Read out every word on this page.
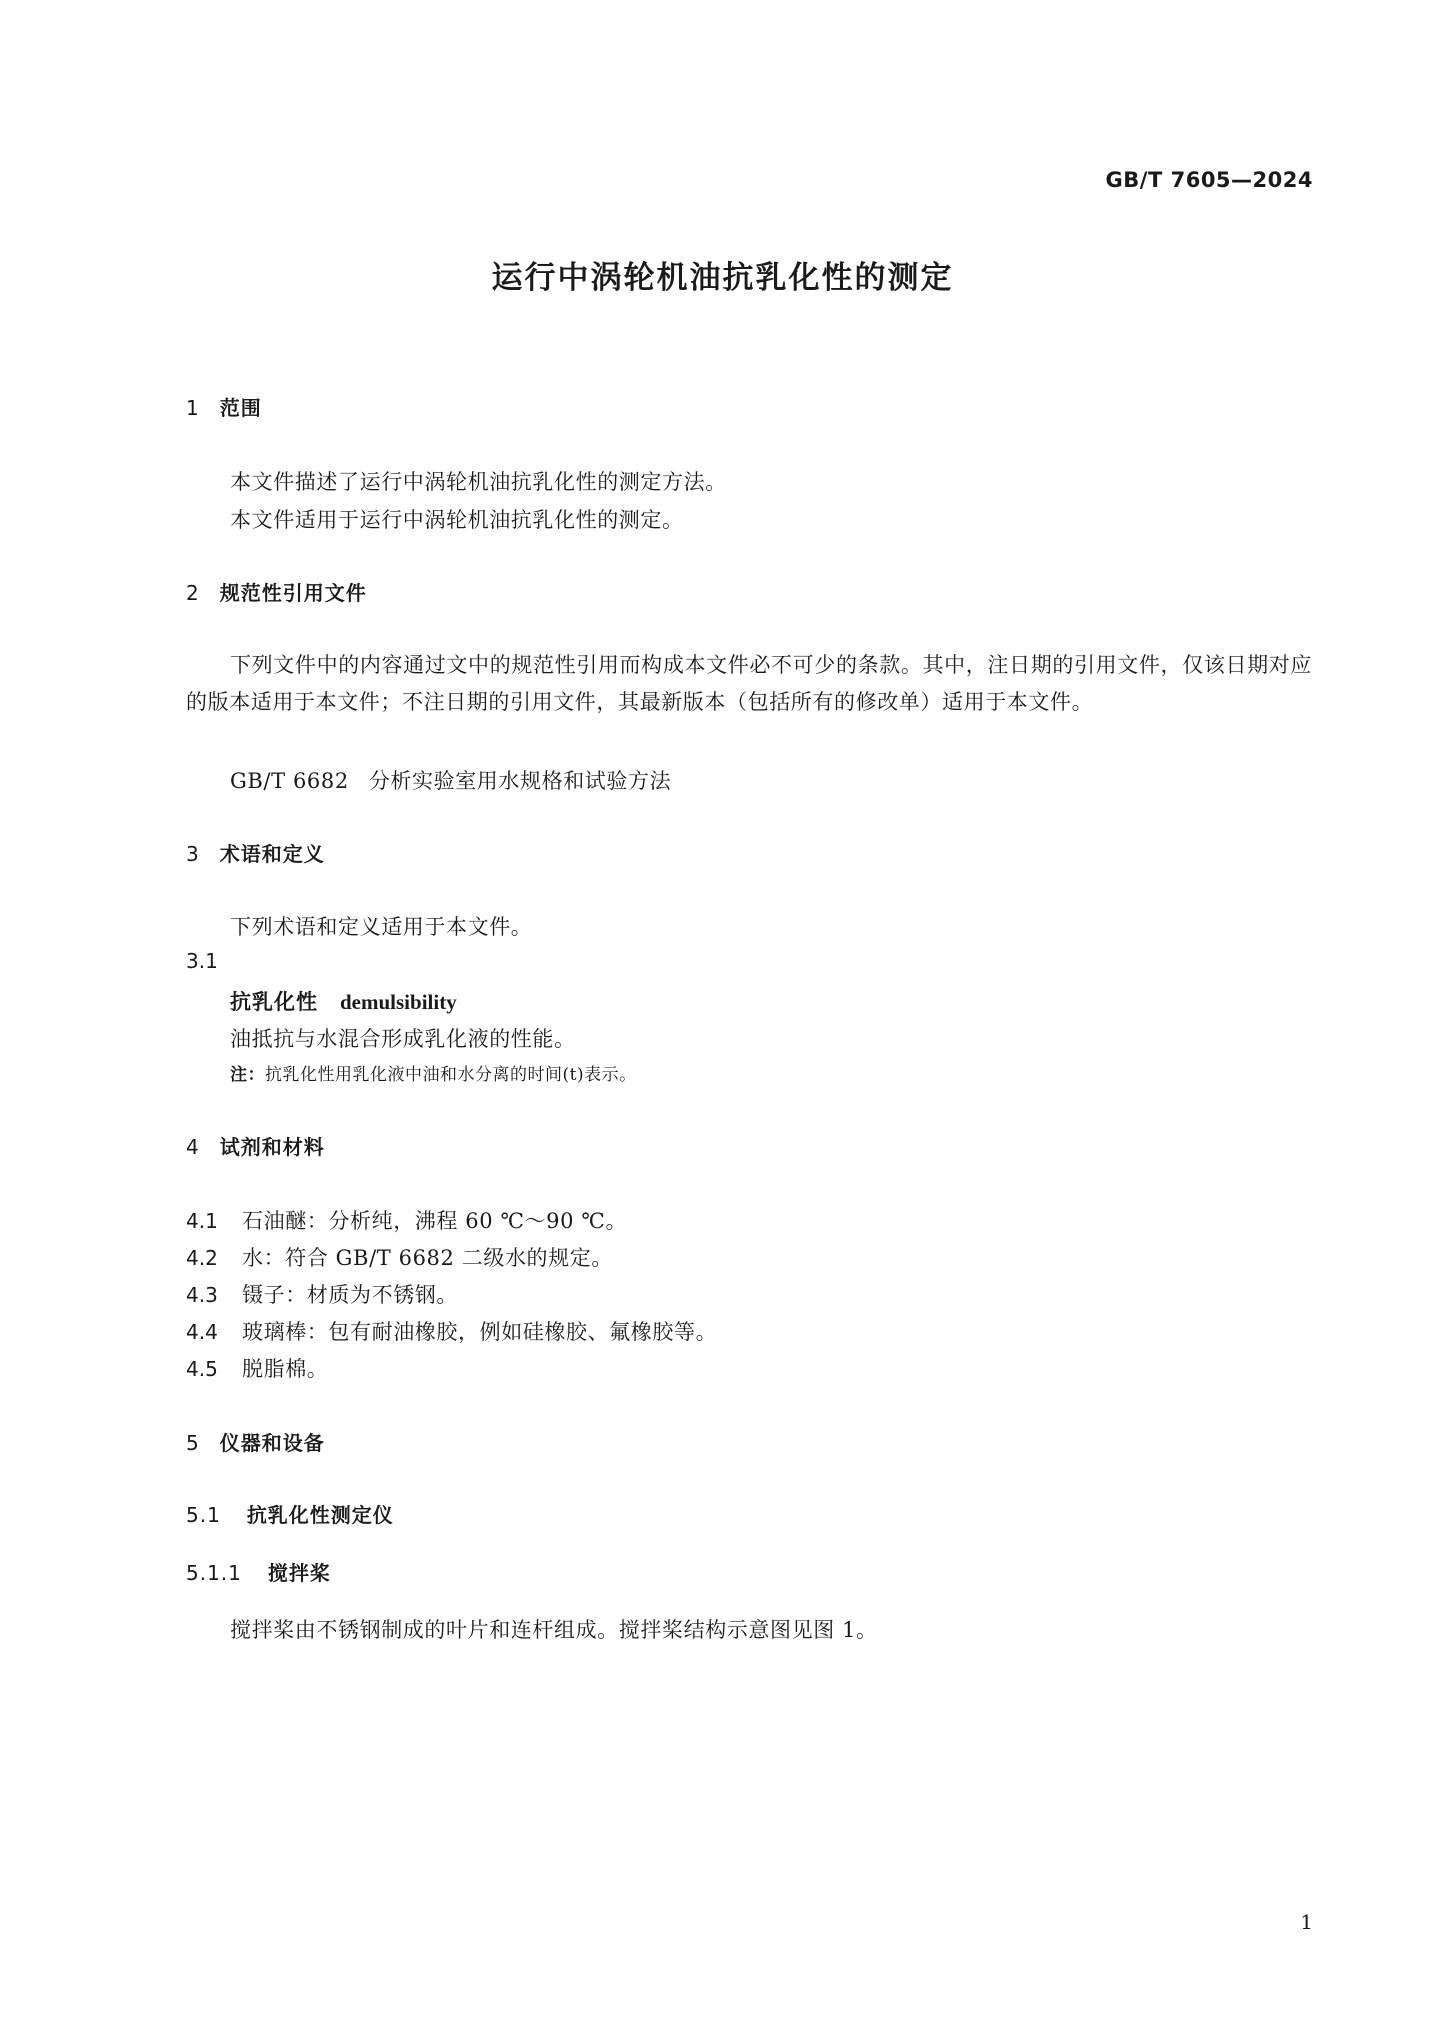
GB/T 7605—2024
运行中涡轮机油抗乳化性的测定
1 范围
本文件描述了运行中涡轮机油抗乳化性的测定方法。
本文件适用于运行中涡轮机油抗乳化性的测定。
2 规范性引用文件
下列文件中的内容通过文中的规范性引用而构成本文件必不可少的条款。其中，注日期的引用文件，仅该日期对应的版本适用于本文件；不注日期的引用文件，其最新版本（包括所有的修改单）适用于本文件。
GB/T 6682 分析实验室用水规格和试验方法
3 术语和定义
下列术语和定义适用于本文件。
3.1
抗乳化性 demulsibility
油抵抗与水混合形成乳化液的性能。
注：抗乳化性用乳化液中油和水分离的时间(t)表示。
4 试剂和材料
4.1 石油醚：分析纯，沸程 60 ℃～90 ℃。
4.2 水：符合 GB/T 6682 二级水的规定。
4.3 镊子：材质为不锈钢。
4.4 玻璃棒：包有耐油橡胶，例如硅橡胶、氟橡胶等。
4.5 脱脂棉。
5 仪器和设备
5.1 抗乳化性测定仪
5.1.1 搅拌桨
搅拌桨由不锈钢制成的叶片和连杆组成。搅拌桨结构示意图见图 1。
1
